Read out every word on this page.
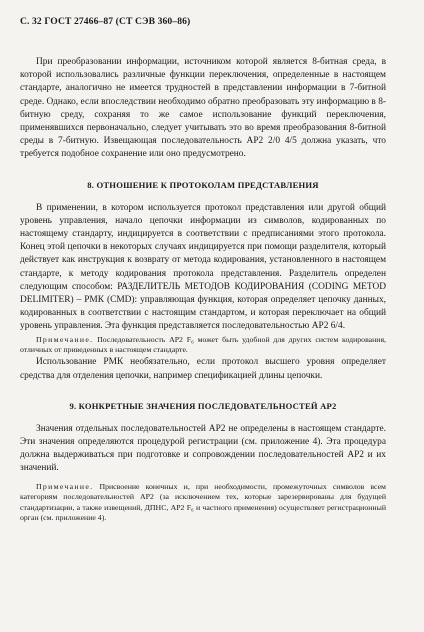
С. 32 ГОСТ 27466–87 (СТ СЭВ 360–86)

При преобразовании информации, источником которой является 8-битная среда, в которой использовались различные функции переключения, определенные в настоящем стандарте, аналогично не имеется трудностей в представлении информации в 7-битной среде. Однако, если впоследствии необходимо обратно преобразовать эту информацию в 8-битную среду, сохраняя то же самое использование функций переключения, применявшихся первоначально, следует учитывать это во время преобразования 8-битной среды в 7-битную. Извещающая последовательность АР2 2/0 4/5 должна указать, что требуется подобное сохранение или оно предусмотрено.

8. ОТНОШЕНИЕ К ПРОТОКОЛАМ ПРЕДСТАВЛЕНИЯ

В применении, в котором используется протокол представления или другой общий уровень управления, начало цепочки информации из символов, кодированных по настоящему стандарту, индицируется в соответствии с предписаниями этого протокола. Конец этой цепочки в некоторых случаях индицируется при помощи разделителя, который действует как инструкция к возврату от метода кодирования, установленного в настоящем стандарте, к методу кодирования протокола представления. Разделитель определен следующим способом: РАЗДЕЛИТЕЛЬ МЕТОДОВ КОДИРОВАНИЯ (CODING METOD DELIMITER) – РМК (CMD): управляющая функция, которая определяет цепочку данных, кодированных в соответствии с настоящим стандартом, и которая переключает на общий уровень управления. Эта функция представляется последовательностью АР2 6/4.

Примечание. Последовательность АР2 F₆ может быть удобной для других систем кодирования, отличных от приведенных в настоящем стандарте.

Использование РМК необязательно, если протокол высшего уровня определяет средства для отделения цепочки, например спецификацией длины цепочки.

9. КОНКРЕТНЫЕ ЗНАЧЕНИЯ ПОСЛЕДОВАТЕЛЬНОСТЕЙ АР2

Значения отдельных последовательностей АР2 не определены в настоящем стандарте. Эти значения определяются процедурой регистрации (см. приложение 4). Эта процедура должна выдерживаться при подготовке и сопровождении последовательностей АР2 и их значений.

Примечание. Присвоение конечных и, при необходимости, промежуточных символов всем категориям последовательностей АР2 (за исключением тех, которые зарезервированы для будущей стандартизации, а также извещений, ДПНС, АР2 F₆ и частного применения) осуществляет регистрационный орган (см. приложение 4).
